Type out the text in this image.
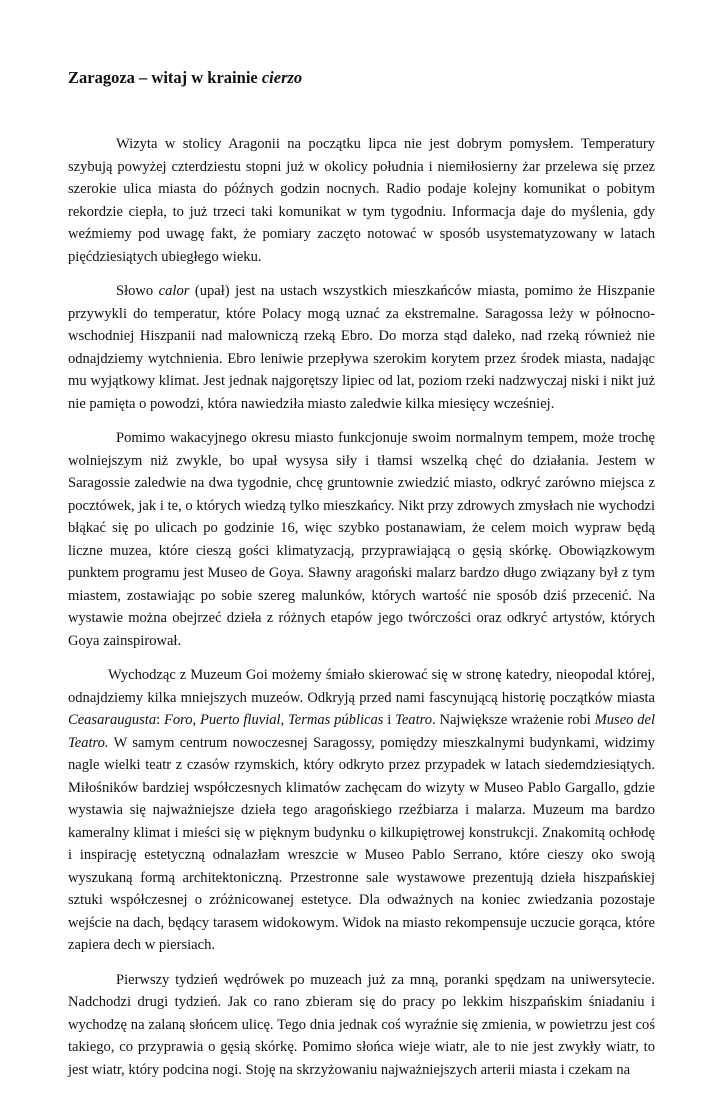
Zaragoza – witaj w krainie cierzo

Wizyta w stolicy Aragonii na początku lipca nie jest dobrym pomysłem. Temperatury szybują powyżej czterdziestu stopni już w okolicy południa i niemiłosierny żar przelewa się przez szerokie ulica miasta do późnych godzin nocnych. Radio podaje kolejny komunikat o pobitym rekordzie ciepła, to już trzeci taki komunikat w tym tygodniu. Informacja daje do myślenia, gdy weźmiemy pod uwagę fakt, że pomiary zaczęto notować w sposób usystematyzowany w latach pięćdziesiątych ubiegłego wieku.

Słowo calor (upał) jest na ustach wszystkich mieszkańców miasta, pomimo że Hiszpanie przywykli do temperatur, które Polacy mogą uznać za ekstremalne. Saragossa leży w północno-wschodniej Hiszpanii nad malowniczą rzeką Ebro. Do morza stąd daleko, nad rzeką również nie odnajdziemy wytchnienia. Ebro leniwie przepływa szerokim korytem przez środek miasta, nadając mu wyjątkowy klimat. Jest jednak najgorętszy lipiec od lat, poziom rzeki nadzwyczaj niski i nikt już nie pamięta o powodzi, która nawiedziła miasto zaledwie kilka miesięcy wcześniej.

Pomimo wakacyjnego okresu miasto funkcjonuje swoim normalnym tempem, może trochę wolniejszym niż zwykle, bo upał wysysa siły i tłamsi wszelką chęć do działania. Jestem w Saragossie zaledwie na dwa tygodnie, chcę gruntownie zwiedzić miasto, odkryć zarówno miejsca z pocztówek, jak i te, o których wiedzą tylko mieszkańcy. Nikt przy zdrowych zmysłach nie wychodzi błąkać się po ulicach po godzinie 16, więc szybko postanawiam, że celem moich wypraw będą liczne muzea, które cieszą gości klimatyzacją, przyprawiającą o gęsią skórkę. Obowiązkowym punktem programu jest Museo de Goya. Sławny aragoński malarz bardzo długo związany był z tym miastem, zostawiając po sobie szereg malunków, których wartość nie sposób dziś przecenić. Na wystawie można obejrzeć dzieła z różnych etapów jego twórczości oraz odkryć artystów, których Goya zainspirował.

Wychodząc z Muzeum Goi możemy śmiało skierować się w stronę katedry, nieopodal której, odnajdziemy kilka mniejszych muzeów. Odkryją przed nami fascynującą historię początków miasta Ceasaraugusta: Foro, Puerto fluvial, Termas públicas i Teatro. Największe wrażenie robi Museo del Teatro. W samym centrum nowoczesnej Saragossy, pomiędzy mieszkalnymi budynkami, widzimy nagle wielki teatr z czasów rzymskich, który odkryto przez przypadek w latach siedemdziesiątych. Miłośników bardziej współczesnych klimatów zachęcam do wizyty w Museo Pablo Gargallo, gdzie wystawia się najważniejsze dzieła tego aragońskiego rzeźbiarza i malarza. Muzeum ma bardzo kameralny klimat i mieści się w pięknym budynku o kilkupiętrowej konstrukcji. Znakomitą ochłodę i inspirację estetyczną odnalazłam wreszcie w Museo Pablo Serrano, które cieszy oko swoją wyszukaną formą architektoniczną. Przestronne sale wystawowe prezentują dzieła hiszpańskiej sztuki współczesnej o zróżnicowanej estetyce. Dla odważnych na koniec zwiedzania pozostaje wejście na dach, będący tarasem widokowym. Widok na miasto rekompensuje uczucie gorąca, które zapiera dech w piersiach.

Pierwszy tydzień wędrówek po muzeach już za mną, poranki spędzam na uniwersytecie. Nadchodzi drugi tydzień. Jak co rano zbieram się do pracy po lekkim hiszpańskim śniadaniu i wychodzę na zalaną słońcem ulicę. Tego dnia jednak coś wyraźnie się zmienia, w powietrzu jest coś takiego, co przyprawia o gęsią skórkę. Pomimo słońca wieje wiatr, ale to nie jest zwykły wiatr, to jest wiatr, który podcina nogi. Stoję na skrzyżowaniu najważniejszych arterii miasta i czekam na
